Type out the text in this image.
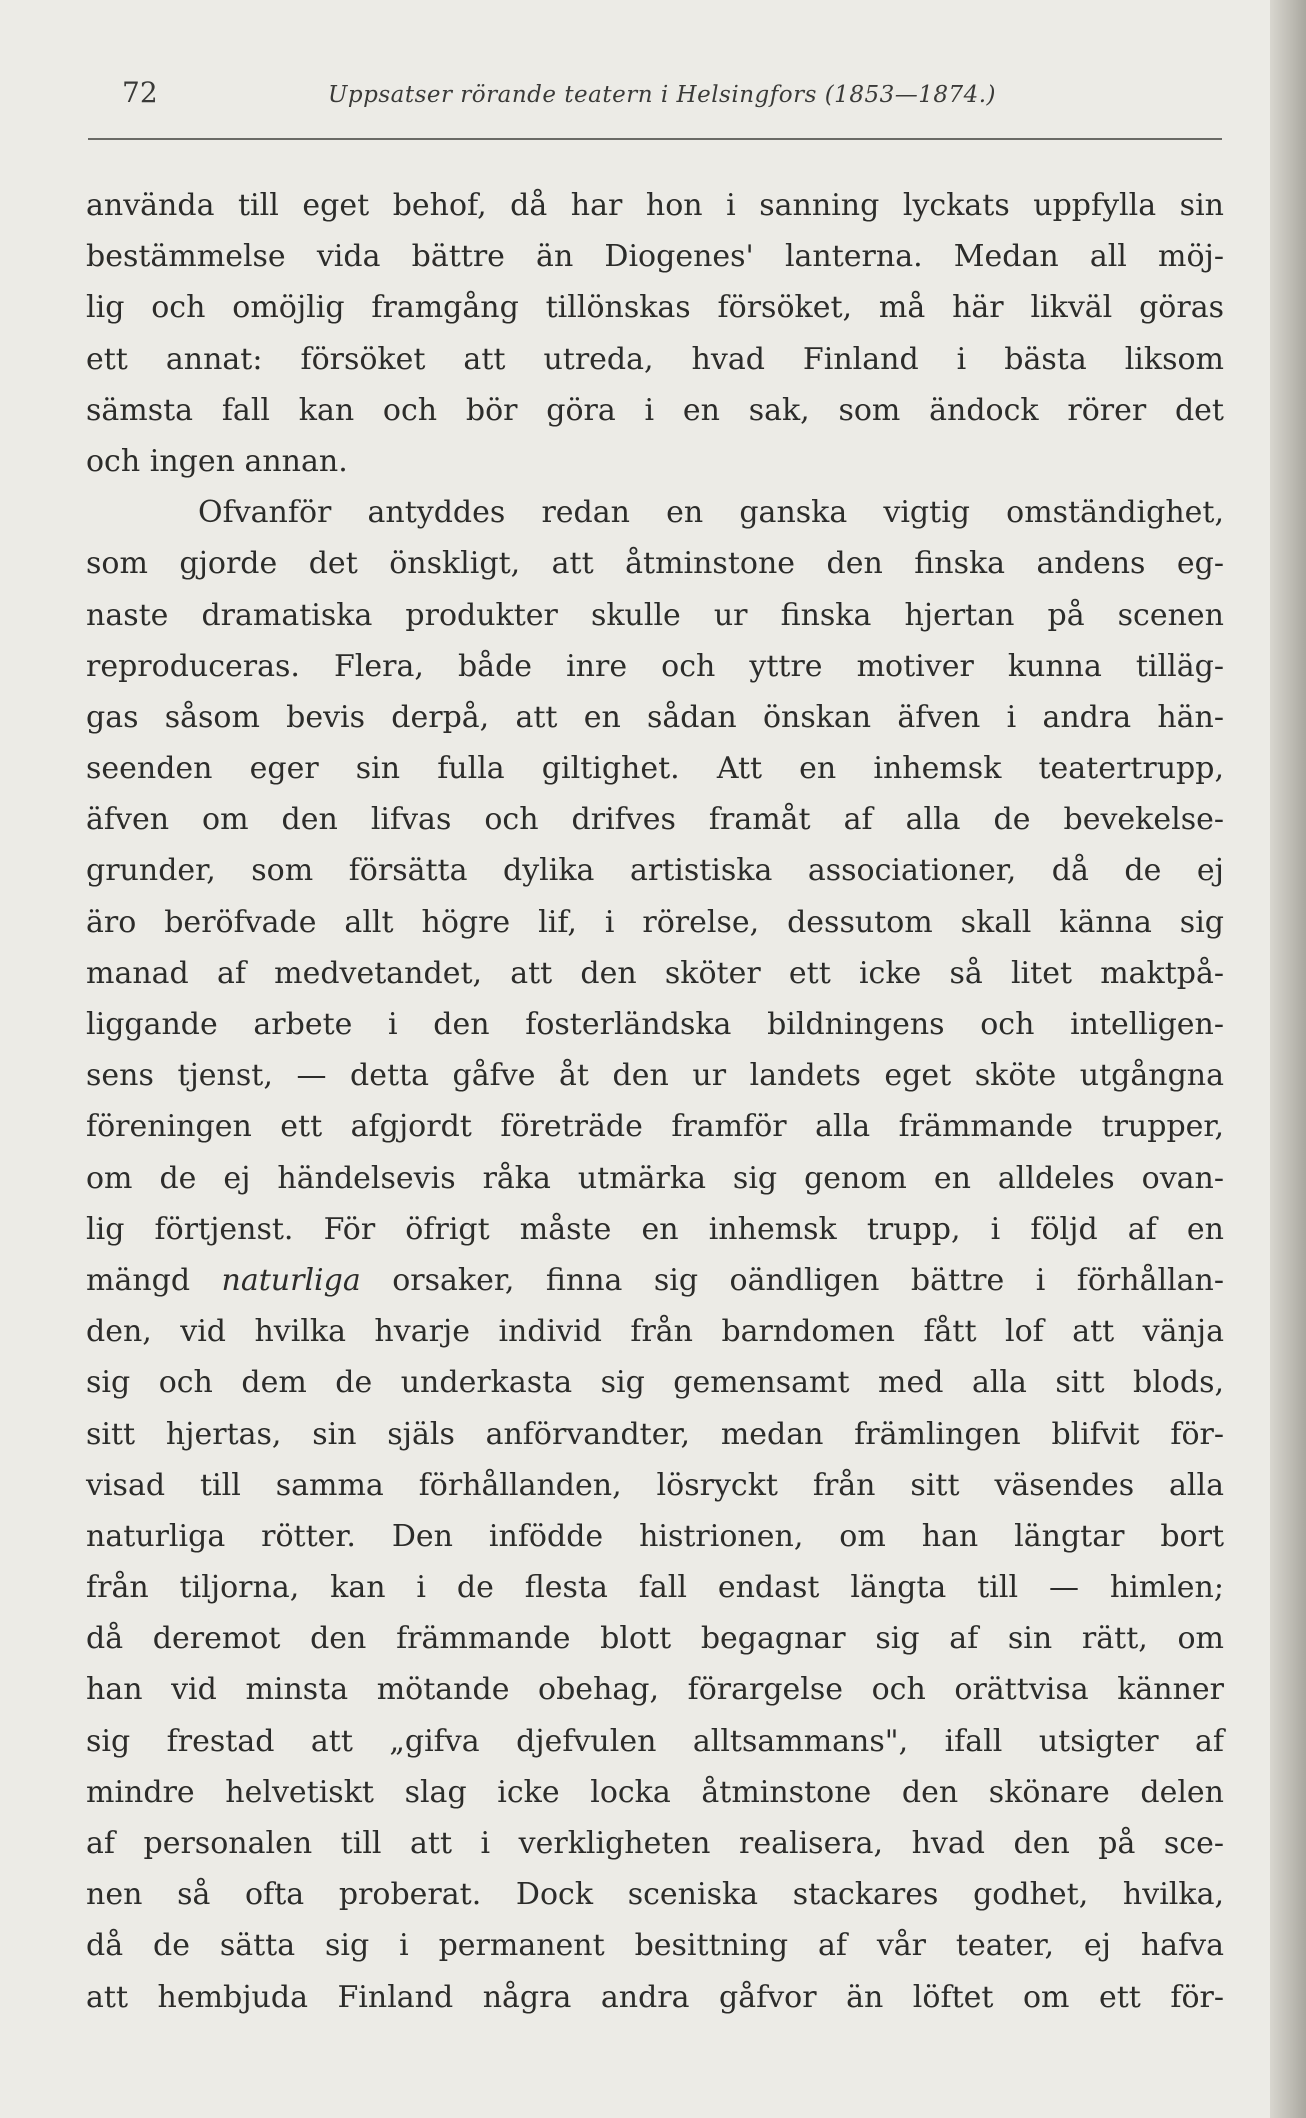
72	Uppsatser rörande teatern i Helsingfors (1853—1874.)
använda till eget behof, då har hon i sanning lyckats uppfylla sin
bestämmelse vida bättre än Diogenes' lanterna. Medan all möj-
lig och omöjlig framgång tillönskas försöket, må här likväl göras
ett annat: försöket att utreda, hvad Finland i bästa liksom
sämsta fall kan och bör göra i en sak, som ändock rörer det
och ingen annan.
Ofvanför antyddes redan en ganska vigtig omständighet,
som gjorde det önskligt, att åtminstone den finska andens eg-
naste dramatiska produkter skulle ur finska hjertan på scenen
reproduceras. Flera, både inre och yttre motiver kunna tilläg-
gas såsom bevis derpå, att en sådan önskan äfven i andra hän-
seenden eger sin fulla giltighet. Att en inhemsk teatertrupp,
äfven om den lifvas och drifves framåt af alla de bevekelse-
grunder, som försätta dylika artistiska associationer, då de ej
äro beröfvade allt högre lif, i rörelse, dessutom skall känna sig
manad af medvetandet, att den sköter ett icke så litet maktpå-
liggande arbete i den fosterländska bildningens och intelligen-
sens tjenst, — detta gåfve åt den ur landets eget sköte utgångna
föreningen ett afgjordt företräde framför alla främmande trupper,
om de ej händelsevis råka utmärka sig genom en alldeles ovan-
lig förtjenst. För öfrigt måste en inhemsk trupp, i följd af en
mängd naturliga orsaker, finna sig oändligen bättre i förhållan-
den, vid hvilka hvarje individ från barndomen fått lof att vänja
sig och dem de underkasta sig gemensamt med alla sitt blods,
sitt hjertas, sin själs anförvandter, medan främlingen blifvit för-
visad till samma förhållanden, lösryckt från sitt väsendes alla
naturliga rötter. Den infödde histrionen, om han längtar bort
från tiljorna, kan i de flesta fall endast längta till — himlen;
då deremot den främmande blott begagnar sig af sin rätt, om
han vid minsta mötande obehag, förargelse och orättvisa känner
sig frestad att „gifva djefvulen alltsammans", ifall utsigter af
mindre helvetiskt slag icke locka åtminstone den skönare delen
af personalen till att i verkligheten realisera, hvad den på sce-
nen så ofta proberat. Dock sceniska stackares godhet, hvilka,
då de sätta sig i permanent besittning af vår teater, ej hafva
att hembjuda Finland några andra gåfvor än löftet om ett för-
